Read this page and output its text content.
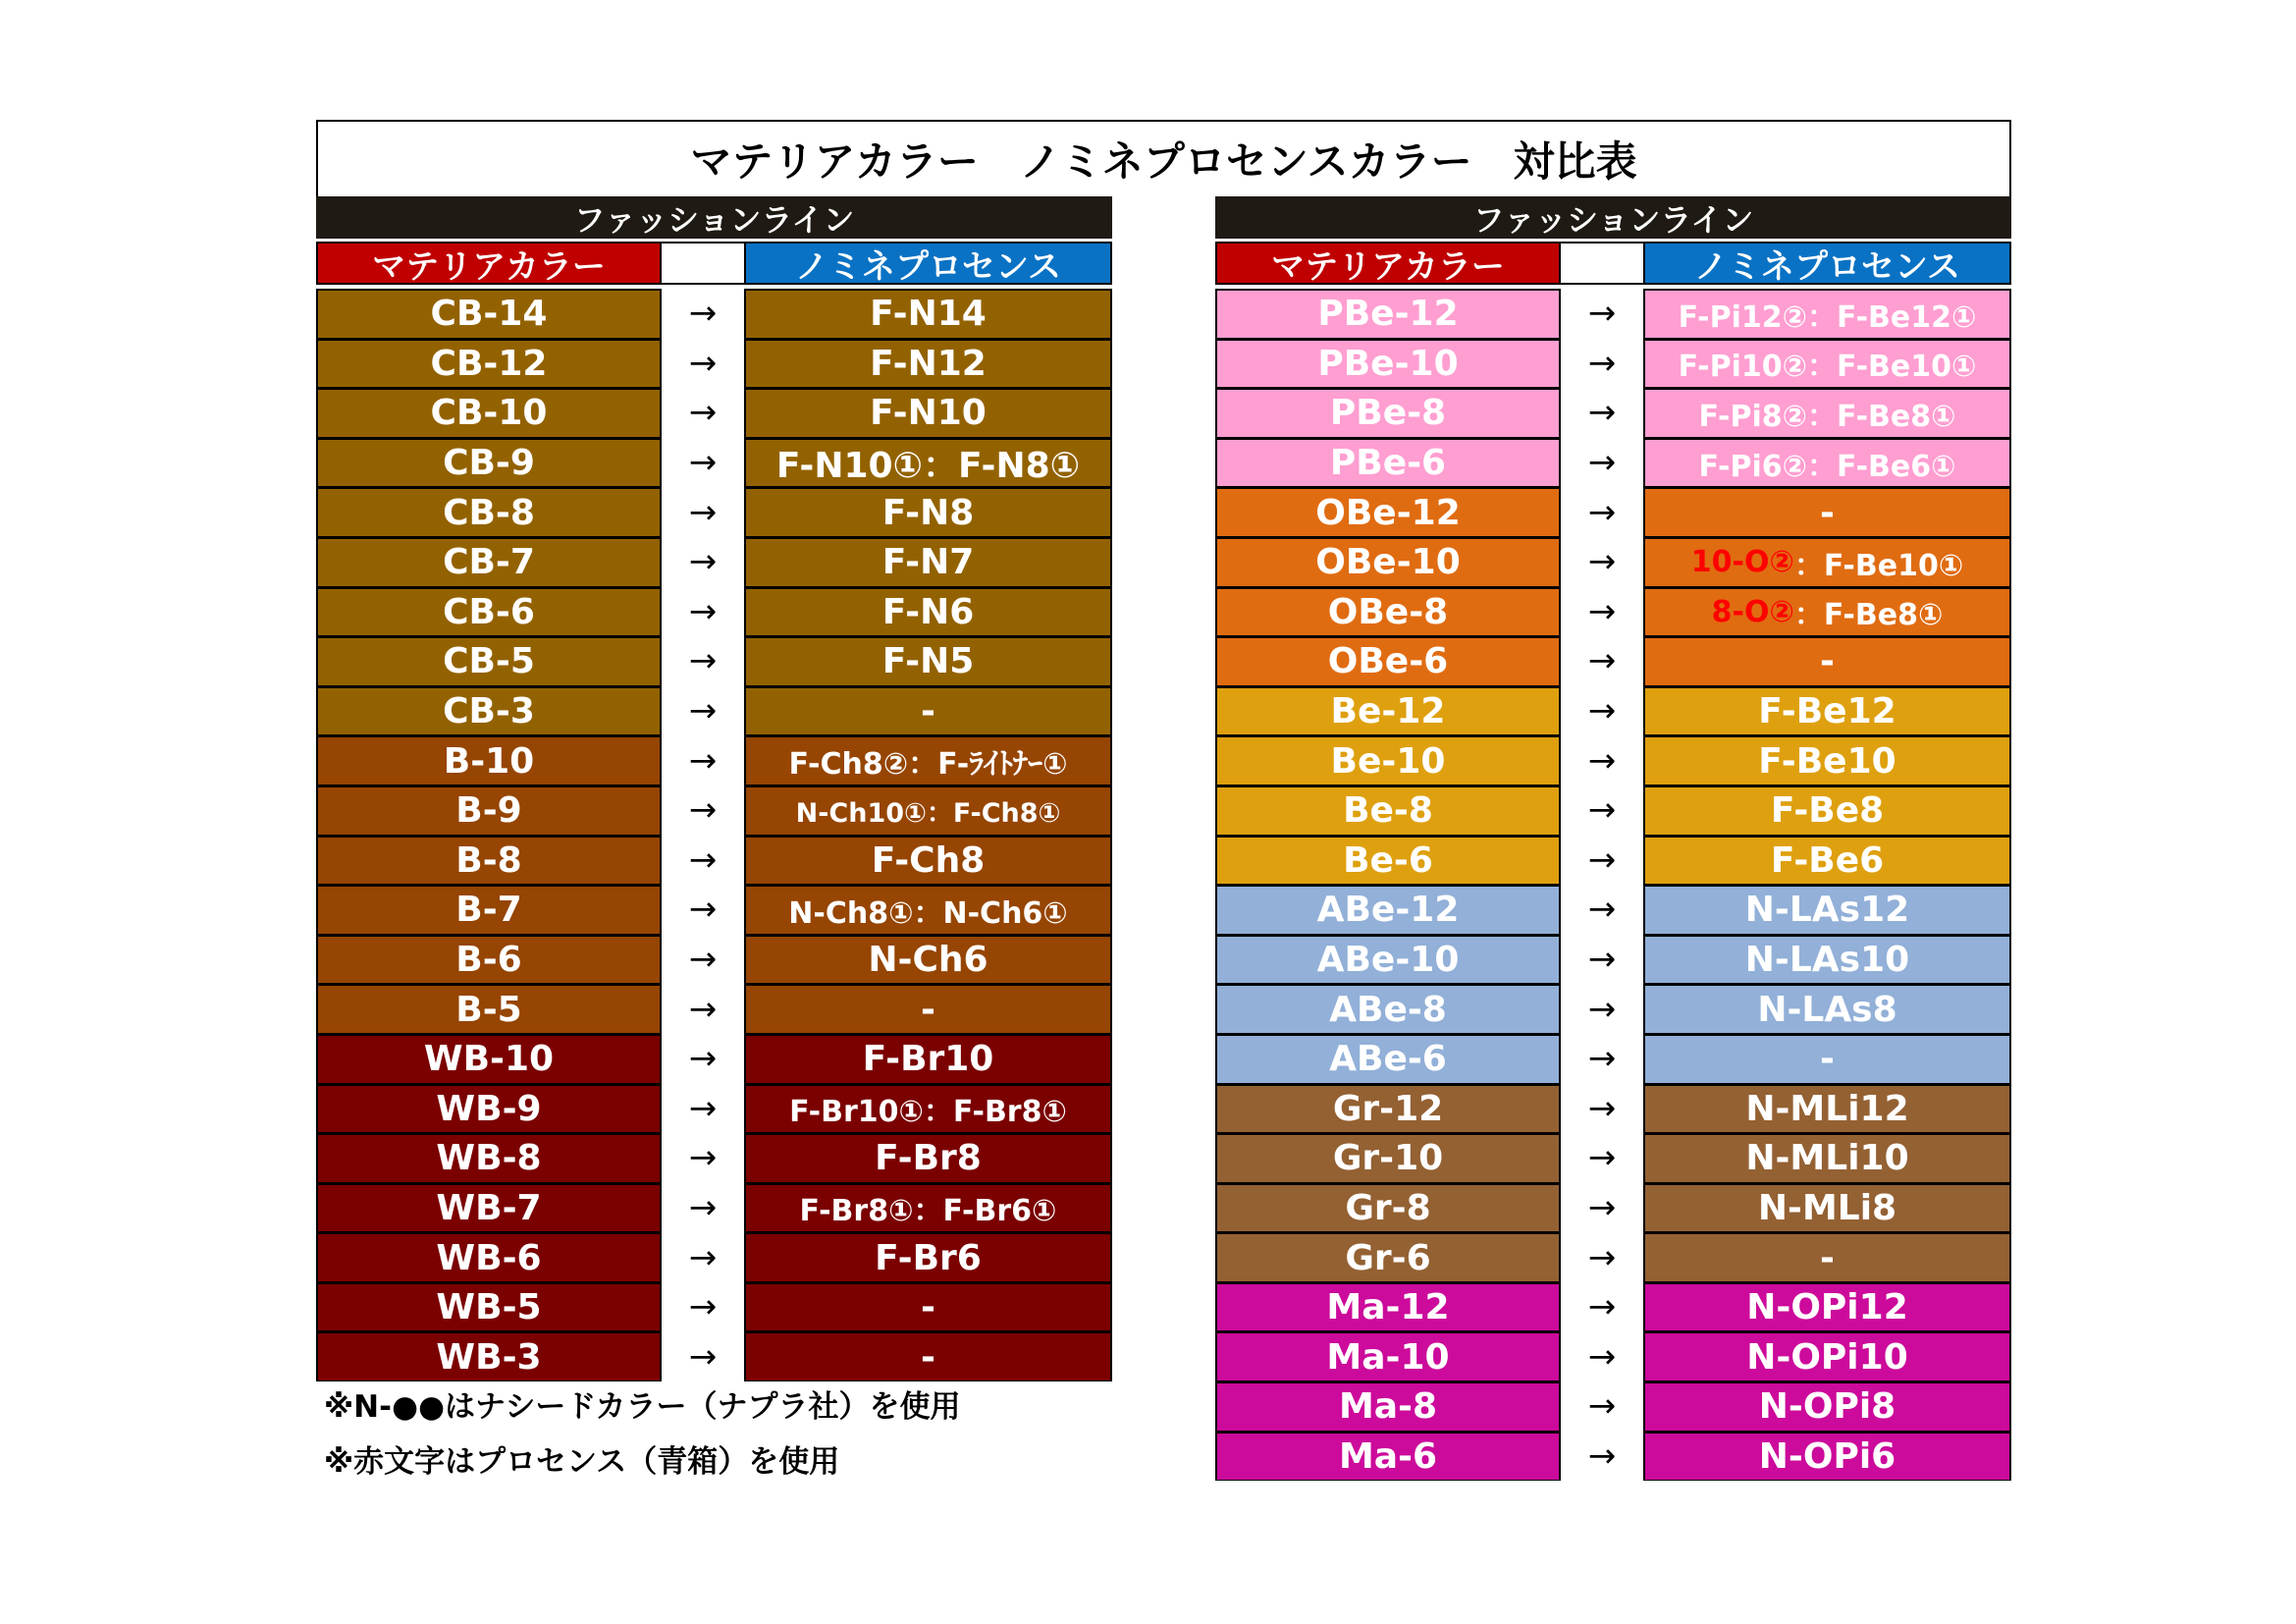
マテリアカラー　ノミネプロセンスカラー　対比表
ファッションライン
マテリアカラー	ノミネプロセンス
CB-14	→	F-N14
CB-12	→	F-N12
CB-10	→	F-N10
CB-9	→	F-N10①：F-N8①
CB-8	→	F-N8
CB-7	→	F-N7
CB-6	→	F-N6
CB-5	→	F-N5
CB-3	→	-
B-10	→	F-Ch8②：F-ﾗｲﾄﾅｰ①
B-9	→	N-Ch10①：F-Ch8①
B-8	→	F-Ch8
B-7	→	N-Ch8①：N-Ch6①
B-6	→	N-Ch6
B-5	→	-
WB-10	→	F-Br10
WB-9	→	F-Br10①：F-Br8①
WB-8	→	F-Br8
WB-7	→	F-Br8①：F-Br6①
WB-6	→	F-Br6
WB-5	→	-
WB-3	→	-
ファッションライン
マテリアカラー	ノミネプロセンス
PBe-12	→	F-Pi12②：F-Be12①
PBe-10	→	F-Pi10②：F-Be10①
PBe-8	→	F-Pi8②：F-Be8①
PBe-6	→	F-Pi6②：F-Be6①
OBe-12	→	-
OBe-10	→	10-O② ：F-Be10①
OBe-8	→	8-O② ：F-Be8①
OBe-6	→	-
Be-12	→	F-Be12
Be-10	→	F-Be10
Be-8	→	F-Be8
Be-6	→	F-Be6
ABe-12	→	N-LAs12
ABe-10	→	N-LAs10
ABe-8	→	N-LAs8
ABe-6	→	-
Gr-12	→	N-MLi12
Gr-10	→	N-MLi10
Gr-8	→	N-MLi8
Gr-6	→	-
Ma-12	→	N-OPi12
Ma-10	→	N-OPi10
Ma-8	→	N-OPi8
Ma-6	→	N-OPi6
※N-●●はナシードカラー（ナプラ社）を使用
※赤文字はプロセンス（青箱）を使用
